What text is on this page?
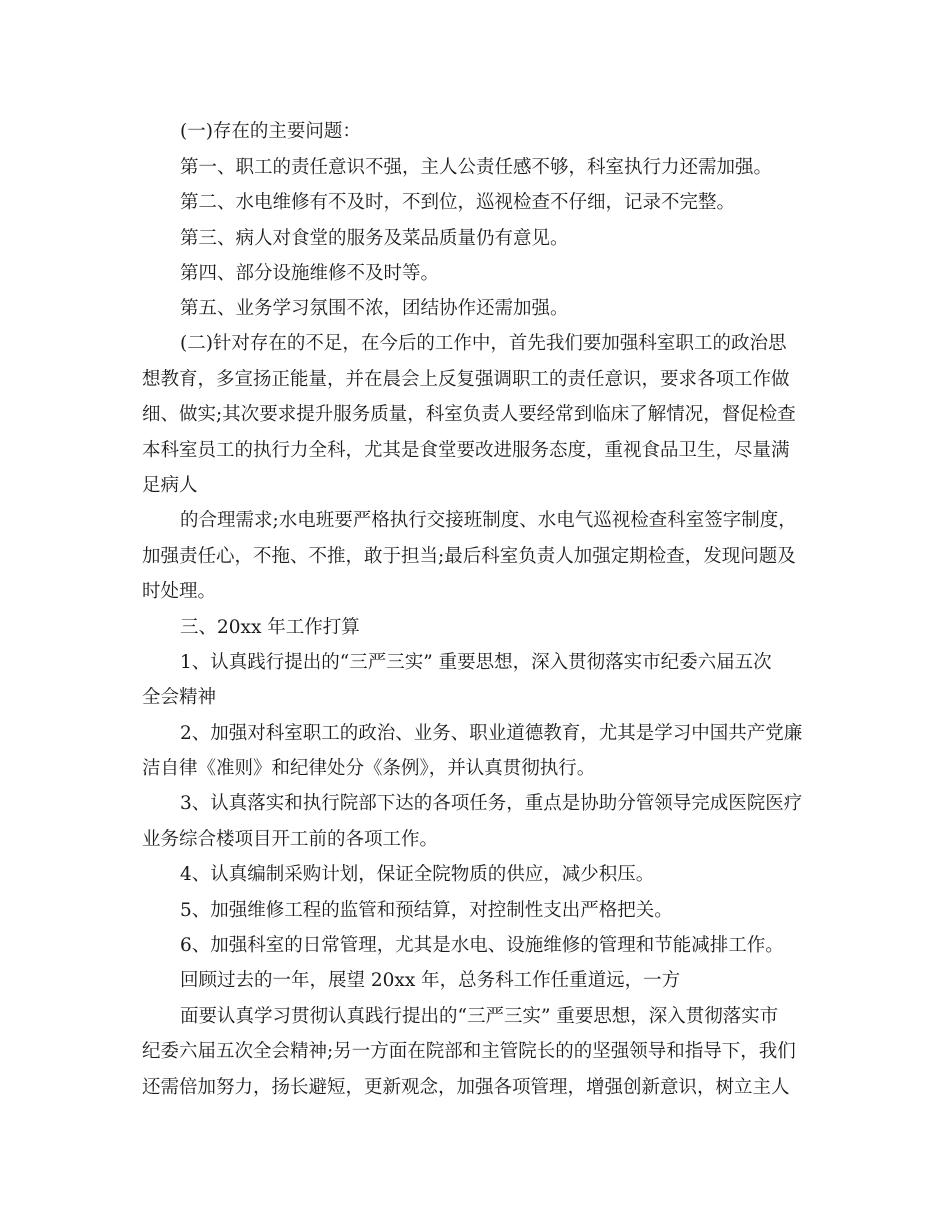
(一)存在的主要问题：
第一、职工的责任意识不强，主人公责任感不够，科室执行力还需加强。
第二、水电维修有不及时，不到位，巡视检查不仔细，记录不完整。
第三、病人对食堂的服务及菜品质量仍有意见。
第四、部分设施维修不及时等。
第五、业务学习氛围不浓，团结协作还需加强。
(二)针对存在的不足，在今后的工作中，首先我们要加强科室职工的政治思
想教育，多宣扬正能量，并在晨会上反复强调职工的责任意识，要求各项工作做
细、做实;其次要求提升服务质量，科室负责人要经常到临床了解情况，督促检查
本科室员工的执行力全科，尤其是食堂要改进服务态度，重视食品卫生，尽量满
足病人
的合理需求;水电班要严格执行交接班制度、水电气巡视检查科室签字制度，
加强责任心，不拖、不推，敢于担当;最后科室负责人加强定期检查，发现问题及
时处理。
三、20xx 年工作打算
1、认真践行提出的“三严三实” 重要思想，深入贯彻落实市纪委六届五次
全会精神
2、加强对科室职工的政治、业务、职业道德教育，尤其是学习中国共产党廉
洁自律《准则》和纪律处分《条例》，并认真贯彻执行。
3、认真落实和执行院部下达的各项任务，重点是协助分管领导完成医院医疗
业务综合楼项目开工前的各项工作。
4、认真编制采购计划，保证全院物质的供应，减少积压。
5、加强维修工程的监管和预结算，对控制性支出严格把关。
6、加强科室的日常管理，尤其是水电、设施维修的管理和节能减排工作。
回顾过去的一年，展望 20xx 年，总务科工作任重道远，一方
面要认真学习贯彻认真践行提出的“三严三实” 重要思想，深入贯彻落实市
纪委六届五次全会精神;另一方面在院部和主管院长的的坚强领导和指导下，我们
还需倍加努力，扬长避短，更新观念，加强各项管理，增强创新意识，树立主人
